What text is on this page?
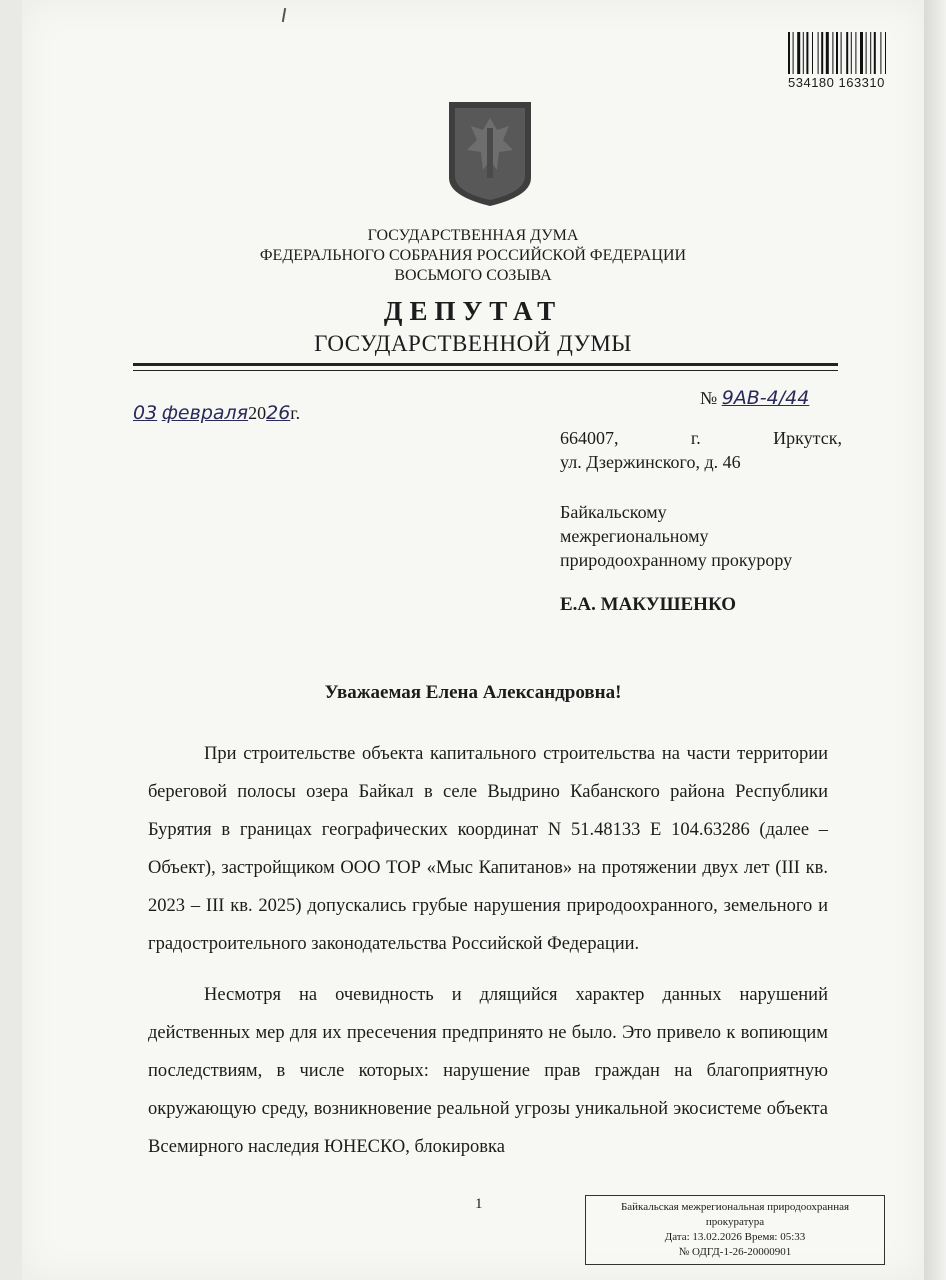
534180 163310
ГОСУДАРСТВЕННАЯ ДУМА
ФЕДЕРАЛЬНОГО СОБРАНИЯ РОССИЙСКОЙ ФЕДЕРАЦИИ
ВОСЬМОГО СОЗЫВА
ДЕПУТАТ
ГОСУДАРСТВЕННОЙ ДУМЫ
03 февраля2026г.
№ 9АВ-4/44
664007,	г.	Иркутск,
ул. Дзержинского, д. 46
Байкальскому
межрегиональному
природоохранному прокурору
Е.А. МАКУШЕНКО
Уважаемая Елена Александровна!

При строительстве объекта капитального строительства на части территории береговой полосы озера Байкал в селе Выдрино Кабанского района Республики Бурятия в границах географических координат N 51.48133 E 104.63286 (далее – Объект), застройщиком ООО ТОР «Мыс Капитанов» на протяжении двух лет (III кв. 2023 – III кв. 2025) допускались грубые нарушения природоохранного, земельного и градостроительного законодательства Российской Федерации.

Несмотря на очевидность и длящийся характер данных нарушений действенных мер для их пресечения предпринято не было. Это привело к вопиющим последствиям, в числе которых: нарушение прав граждан на благоприятную окружающую среду, возникновение реальной угрозы уникальной экосистеме объекта Всемирного наследия ЮНЕСКО, блокировка

1	Байкальская межрегиональная природоохранная
прокуратура
Дата: 13.02.2026 Время: 05:33
№ ОДГД-1-26-20000901
